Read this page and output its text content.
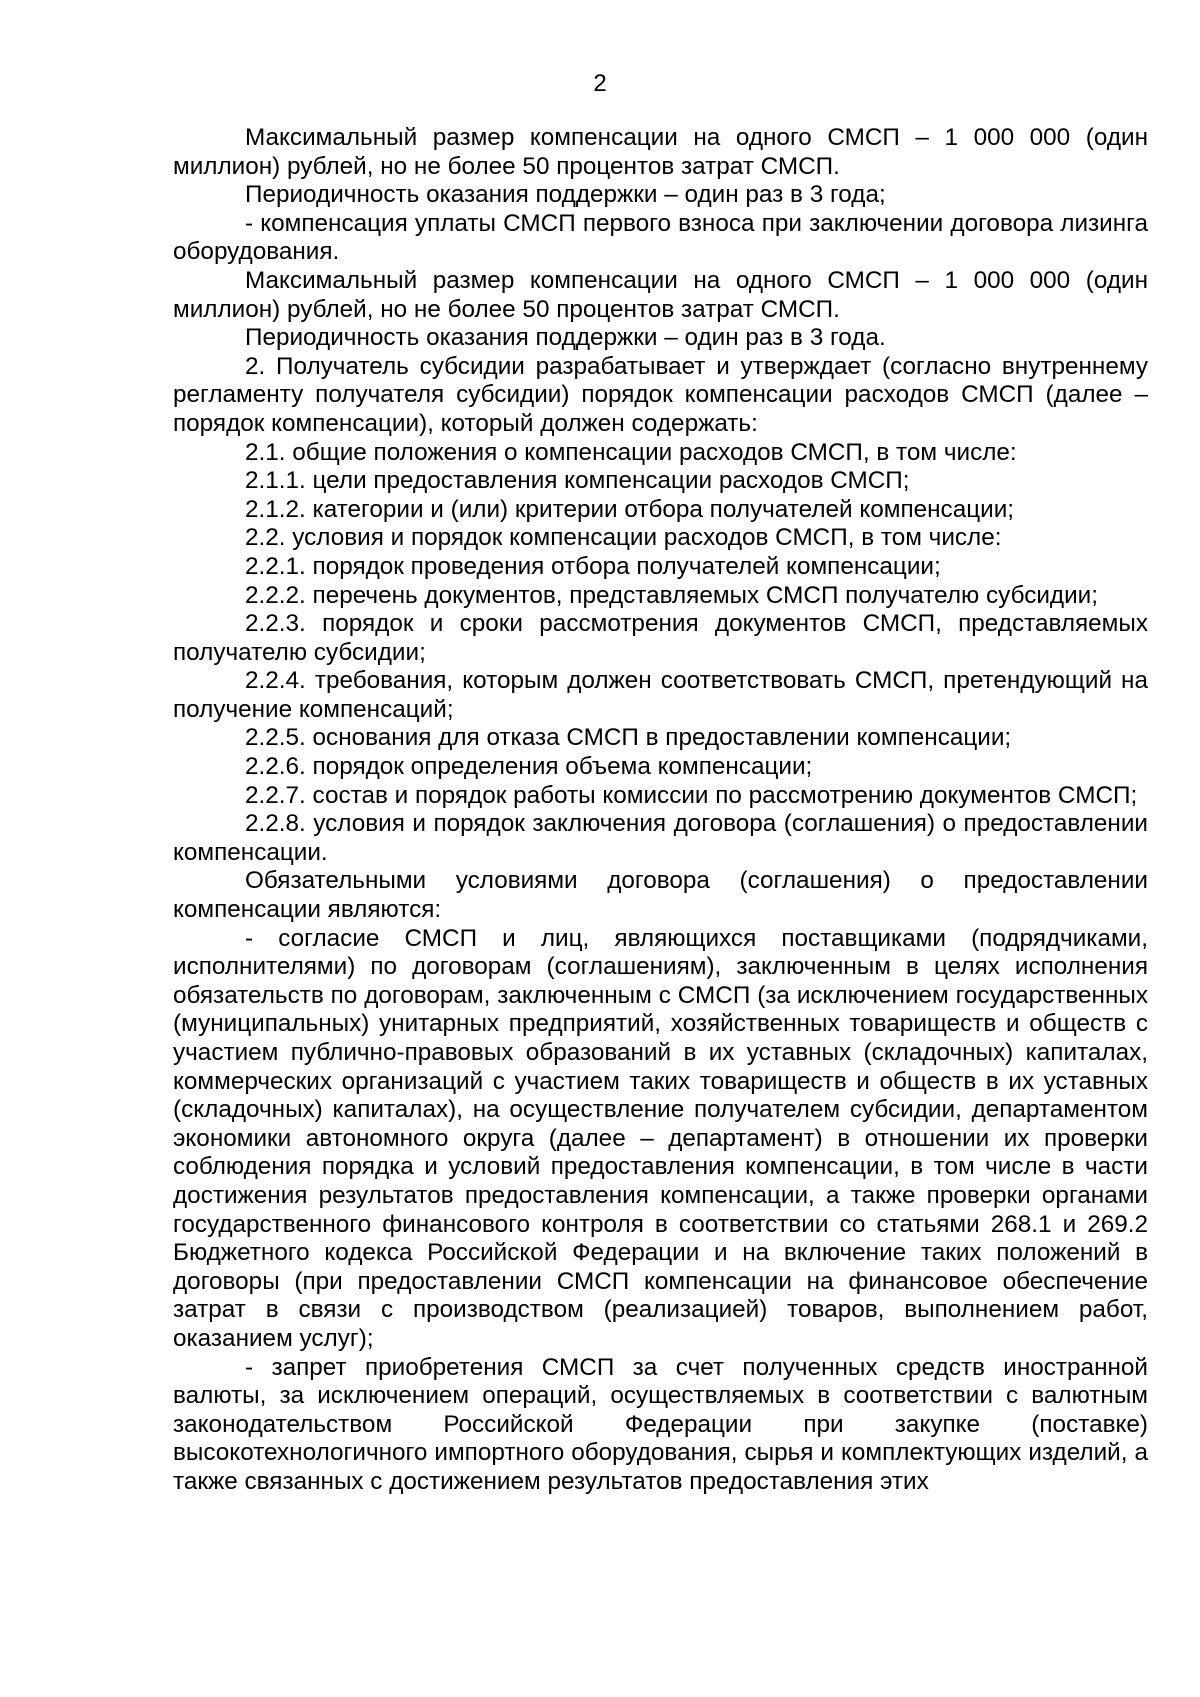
2

Максимальный размер компенсации на одного СМСП – 1 000 000 (один миллион) рублей, но не более 50 процентов затрат СМСП.

Периодичность оказания поддержки – один раз в 3 года;

- компенсация уплаты СМСП первого взноса при заключении договора лизинга оборудования.

Максимальный размер компенсации на одного СМСП – 1 000 000 (один миллион) рублей, но не более 50 процентов затрат СМСП.

Периодичность оказания поддержки – один раз в 3 года.

2. Получатель субсидии разрабатывает и утверждает (согласно внутреннему регламенту получателя субсидии) порядок компенсации расходов СМСП (далее – порядок компенсации), который должен содержать:

2.1. общие положения о компенсации расходов СМСП, в том числе:

2.1.1. цели предоставления компенсации расходов СМСП;

2.1.2. категории и (или) критерии отбора получателей компенсации;

2.2. условия и порядок компенсации расходов СМСП, в том числе:

2.2.1. порядок проведения отбора получателей компенсации;

2.2.2. перечень документов, представляемых СМСП получателю субсидии;

2.2.3. порядок и сроки рассмотрения документов СМСП, представляемых получателю субсидии;

2.2.4. требования, которым должен соответствовать СМСП, претендующий на получение компенсаций;

2.2.5. основания для отказа СМСП в предоставлении компенсации;

2.2.6. порядок определения объема компенсации;

2.2.7. состав и порядок работы комиссии по рассмотрению документов СМСП;

2.2.8. условия и порядок заключения договора (соглашения) о предоставлении компенсации.

Обязательными условиями договора (соглашения) о предоставлении компенсации являются:

- согласие СМСП и лиц, являющихся поставщиками (подрядчиками, исполнителями) по договорам (соглашениям), заключенным в целях исполнения обязательств по договорам, заключенным с СМСП (за исключением государственных (муниципальных) унитарных предприятий, хозяйственных товариществ и обществ с участием публично-правовых образований в их уставных (складочных) капиталах, коммерческих организаций с участием таких товариществ и обществ в их уставных (складочных) капиталах), на осуществление получателем субсидии, департаментом экономики автономного округа (далее – департамент) в отношении их проверки соблюдения порядка и условий предоставления компенсации, в том числе в части достижения результатов предоставления компенсации, а также проверки органами государственного финансового контроля в соответствии со статьями 268.1 и 269.2 Бюджетного кодекса Российской Федерации и на включение таких положений в договоры (при предоставлении СМСП компенсации на финансовое обеспечение затрат в связи с производством (реализацией) товаров, выполнением работ, оказанием услуг);

- запрет приобретения СМСП за счет полученных средств иностранной валюты, за исключением операций, осуществляемых в соответствии с валютным законодательством Российской Федерации при закупке (поставке) высокотехнологичного импортного оборудования, сырья и комплектующих изделий, а также связанных с достижением результатов предоставления этих
